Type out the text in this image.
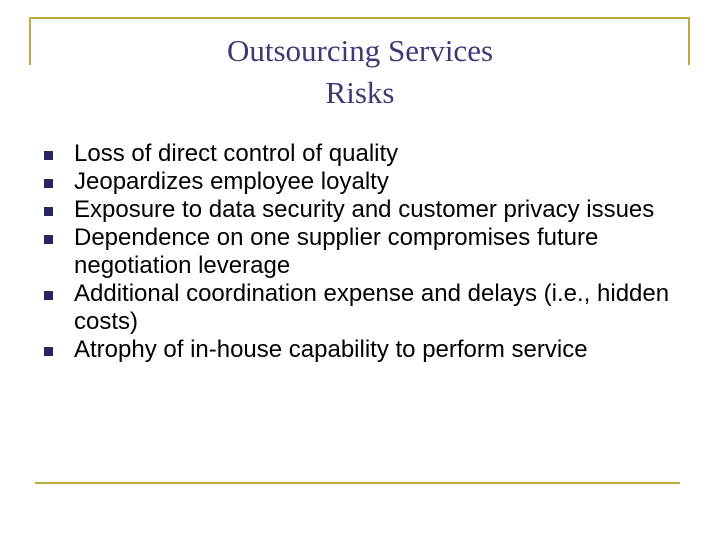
Outsourcing Services
Risks
Loss of direct control of quality
Jeopardizes employee loyalty
Exposure to data security and customer privacy issues
Dependence on one supplier compromises future negotiation leverage
Additional coordination expense and delays (i.e., hidden costs)
Atrophy of in-house capability to perform service
